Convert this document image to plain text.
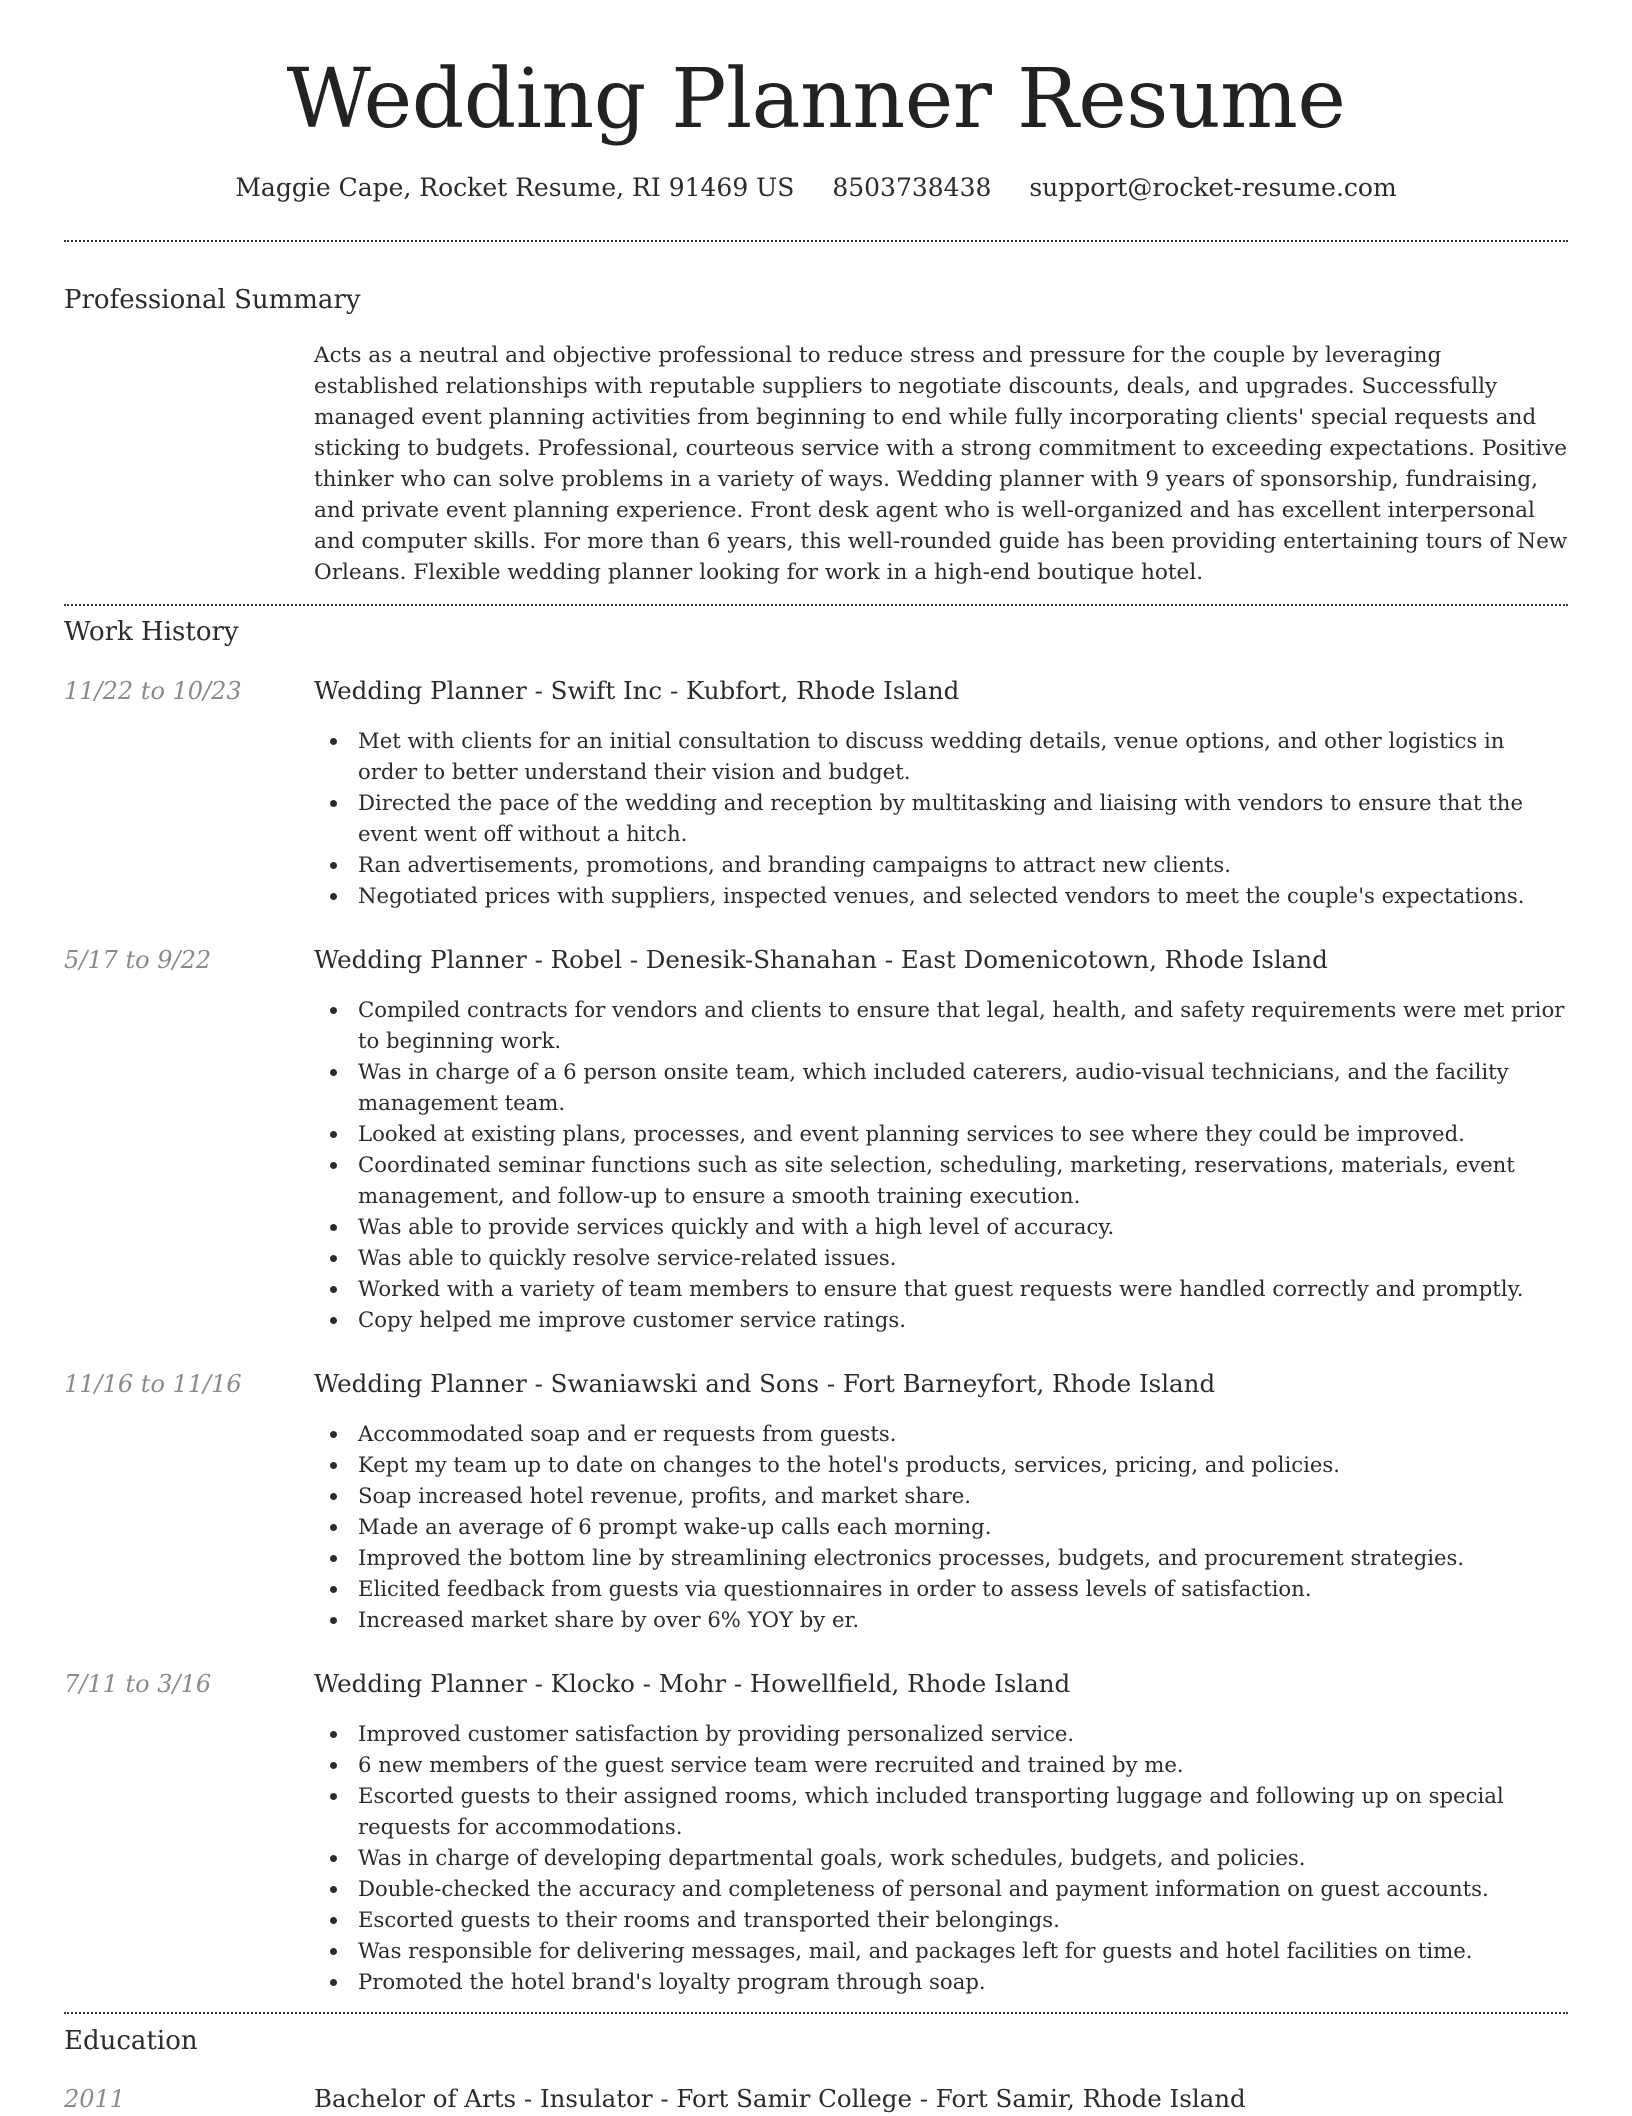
Wedding Planner Resume
Maggie Cape, Rocket Resume, RI 91469 US 8503738438 support@rocket-resume.com
Professional Summary
Acts as a neutral and objective professional to reduce stress and pressure for the couple by leveraging established relationships with reputable suppliers to negotiate discounts, deals, and upgrades. Successfully managed event planning activities from beginning to end while fully incorporating clients' special requests and sticking to budgets. Professional, courteous service with a strong commitment to exceeding expectations. Positive thinker who can solve problems in a variety of ways. Wedding planner with 9 years of sponsorship, fundraising, and private event planning experience. Front desk agent who is well-organized and has excellent interpersonal and computer skills. For more than 6 years, this well-rounded guide has been providing entertaining tours of New Orleans. Flexible wedding planner looking for work in a high-end boutique hotel.
Work History
11/22 to 10/23	Wedding Planner - Swift Inc - Kubfort, Rhode Island
Met with clients for an initial consultation to discuss wedding details, venue options, and other logistics in order to better understand their vision and budget.
Directed the pace of the wedding and reception by multitasking and liaising with vendors to ensure that the event went off without a hitch.
Ran advertisements, promotions, and branding campaigns to attract new clients.
Negotiated prices with suppliers, inspected venues, and selected vendors to meet the couple's expectations.
5/17 to 9/22	Wedding Planner - Robel - Denesik-Shanahan - East Domenicotown, Rhode Island
Compiled contracts for vendors and clients to ensure that legal, health, and safety requirements were met prior to beginning work.
Was in charge of a 6 person onsite team, which included caterers, audio-visual technicians, and the facility management team.
Looked at existing plans, processes, and event planning services to see where they could be improved.
Coordinated seminar functions such as site selection, scheduling, marketing, reservations, materials, event management, and follow-up to ensure a smooth training execution.
Was able to provide services quickly and with a high level of accuracy.
Was able to quickly resolve service-related issues.
Worked with a variety of team members to ensure that guest requests were handled correctly and promptly.
Copy helped me improve customer service ratings.
11/16 to 11/16	Wedding Planner - Swaniawski and Sons - Fort Barneyfort, Rhode Island
Accommodated soap and er requests from guests.
Kept my team up to date on changes to the hotel's products, services, pricing, and policies.
Soap increased hotel revenue, profits, and market share.
Made an average of 6 prompt wake-up calls each morning.
Improved the bottom line by streamlining electronics processes, budgets, and procurement strategies.
Elicited feedback from guests via questionnaires in order to assess levels of satisfaction.
Increased market share by over 6% YOY by er.
7/11 to 3/16	Wedding Planner - Klocko - Mohr - Howellfield, Rhode Island
Improved customer satisfaction by providing personalized service.
6 new members of the guest service team were recruited and trained by me.
Escorted guests to their assigned rooms, which included transporting luggage and following up on special requests for accommodations.
Was in charge of developing departmental goals, work schedules, budgets, and policies.
Double-checked the accuracy and completeness of personal and payment information on guest accounts.
Escorted guests to their rooms and transported their belongings.
Was responsible for delivering messages, mail, and packages left for guests and hotel facilities on time.
Promoted the hotel brand's loyalty program through soap.
Education
2011	Bachelor of Arts - Insulator - Fort Samir College - Fort Samir, Rhode Island
